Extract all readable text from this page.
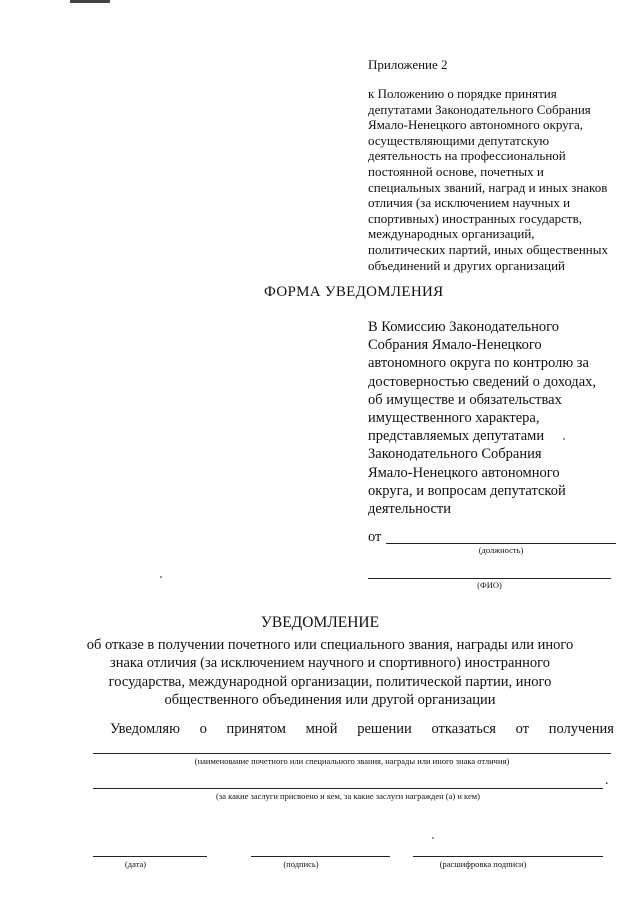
Приложение 2
к Положению о порядке принятия
депутатами Законодательного Собрания
Ямало-Ненецкого автономного округа,
осуществляющими депутатскую
деятельность на профессиональной
постоянной основе, почетных и
специальных званий, наград и иных знаков
отличия (за исключением научных и
спортивных) иностранных государств,
международных организаций,
политических партий, иных общественных
объединений и других организаций
ФОРМА УВЕДОМЛЕНИЯ
В Комиссию Законодательного
Собрания Ямало-Ненецкого
автономного округа по контролю за
достоверностью сведений о доходах,
об имуществе и обязательствах
имущественного характера,
представляемых депутатами
Законодательного Собрания
Ямало-Ненецкого автономного
округа, и вопросам депутатской
деятельности
от
(должность)
(ФИО)
УВЕДОМЛЕНИЕ
об отказе в получении почетного или специального звания, награды или иного
знака отличия (за исключением научного и спортивного) иностранного
государства, международной организации, политической партии, иного
общественного объединения или другой организации
Уведомляю о принятом мной решении отказаться от получения
(наименование почетного или специального звания, награды или иного знака отличия)
.
(за какие заслуги присвоено и кем, за какие заслуги награжден (а) и кем)
(дата)	(подпись)	(расшифровка подписи)
